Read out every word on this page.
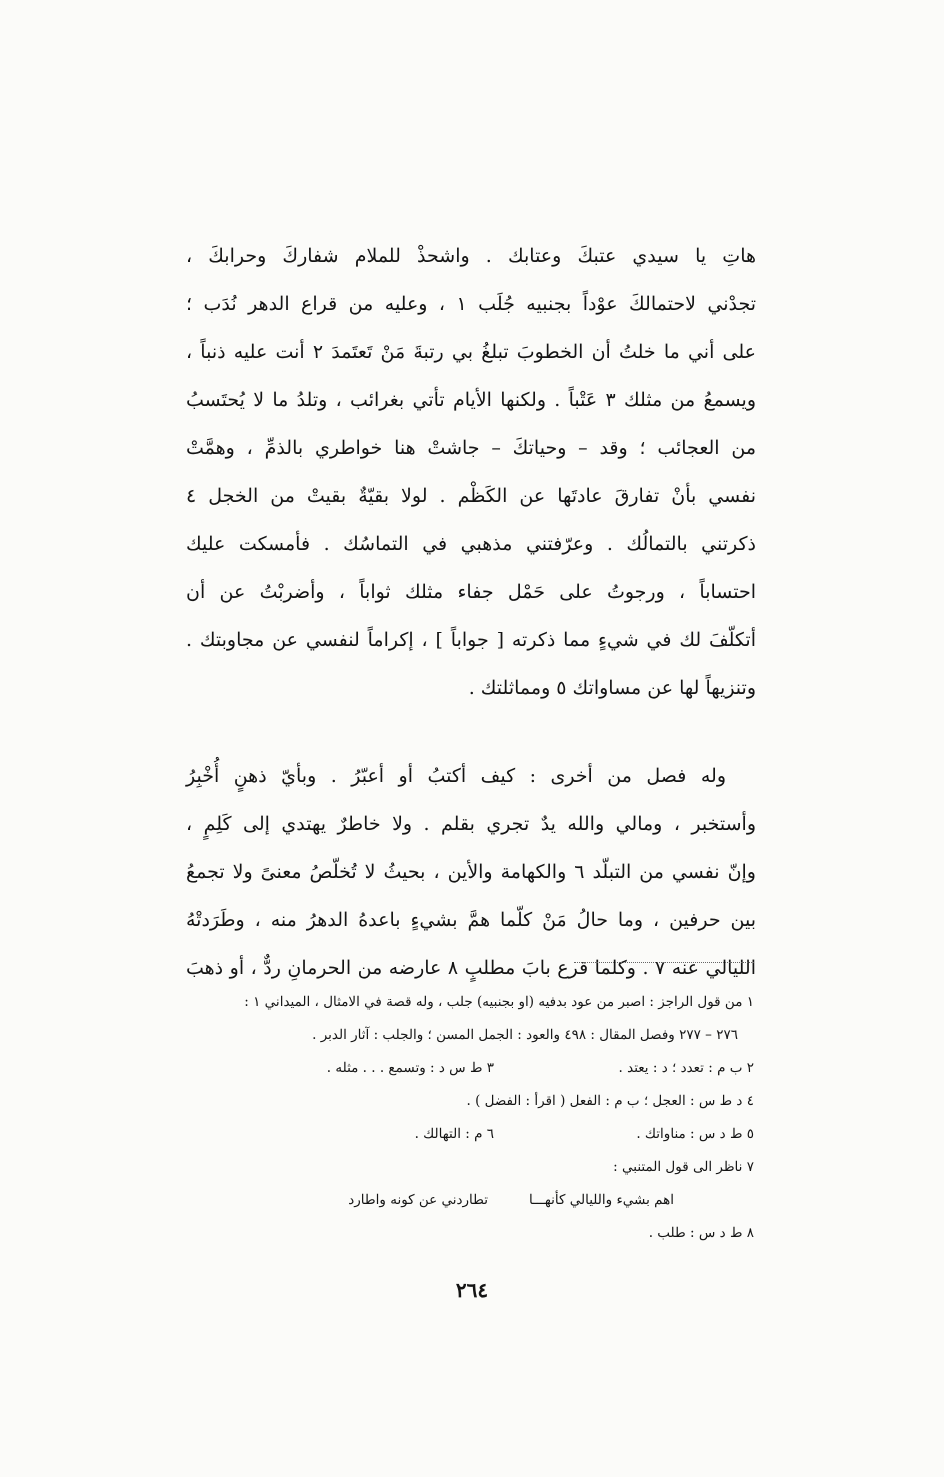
هاتِ يا سيدي عتبكَ وعتابك . واشحذْ للملام شفاركَ وحرابكَ ،
تجدْني لاحتمالكَ عوْداً بجنبيه جُلَب ١ ، وعليه من قراع الدهر نُدَب ؛
على أني ما خلتُ أن الخطوبَ تبلغُ بي رتبةَ مَنْ تَعتَمدَ ٢ أنت عليه ذنباً ،
ويسمعُ من مثلك ٣ عَتْباً . ولكنها الأيام تأتي بغرائب ، وتلدُ ما لا يُحتَسبُ
من العجائب ؛ وقد – وحياتكَ – جاشتْ هنا خواطري بالذمِّ ، وهمَّتْ
نفسي بأنْ تفارقَ عادتَها عن الكَظْم . لولا بقيّةٌ بقيتْ من الخجل ٤
ذكرتني بالتمالُك . وعرّفتني مذهبي في التماسُك . فأمسكت عليك
احتساباً ، ورجوتُ على حَمْل جفاء مثلك ثواباً ، وأضربْتُ عن أن
أتكلّفَ لك في شيءٍ مما ذكرته [ جواباً ] ، إكراماً لنفسي عن مجاوبتك .
وتنزيهاً لها عن مساواتك ٥ ومماثلتك .
وله فصل من أخرى : كيف أكتبُ أو أعبّرُ . وبأيّ ذهنٍ أُخْبِرُ
وأستخبر ، ومالي والله يدٌ تجري بقلم . ولا خاطرٌ يهتدي إلى كَلِمٍ ،
وإنّ نفسي من التبلّد ٦ والكهامة والأين ، بحيثُ لا تُخلّصُ معنىً ولا تجمعُ
بين حرفين ، وما حالُ مَنْ كلّما همَّ بشيءٍ باعدهُ الدهرُ منه ، وطَرَدتْهُ
الليالي عنه ٧ . وكلما قرع بابَ مطلبٍ ٨ عارضه من الحرمانِ ردٌّ ، أو ذهبَ
١ من قول الراجز : اصبر من عود بدفيه (او بجنبيه) جلب ، وله قصة في الامثال ، الميداني ١ :
٢٧٦ – ٢٧٧ وفصل المقال : ٤٩٨ والعود : الجمل المسن ؛ والجلب : آثار الدبر .
٢ ب م : تعدد ؛ د : يعتد .٣ ط س د : وتسمع . . . مثله .
٤ د ط س : العجل ؛ ب م : الفعل ( اقرأ : الفضل ) .
٥ ط د س : مناواتك .٦ م : التهالك .
٧ ناظر الى قول المتنبي :
اهم بشيء والليالي كأنهـــاتطاردني عن كونه واطارد
٨ ط د س : طلب .
٢٦٤
